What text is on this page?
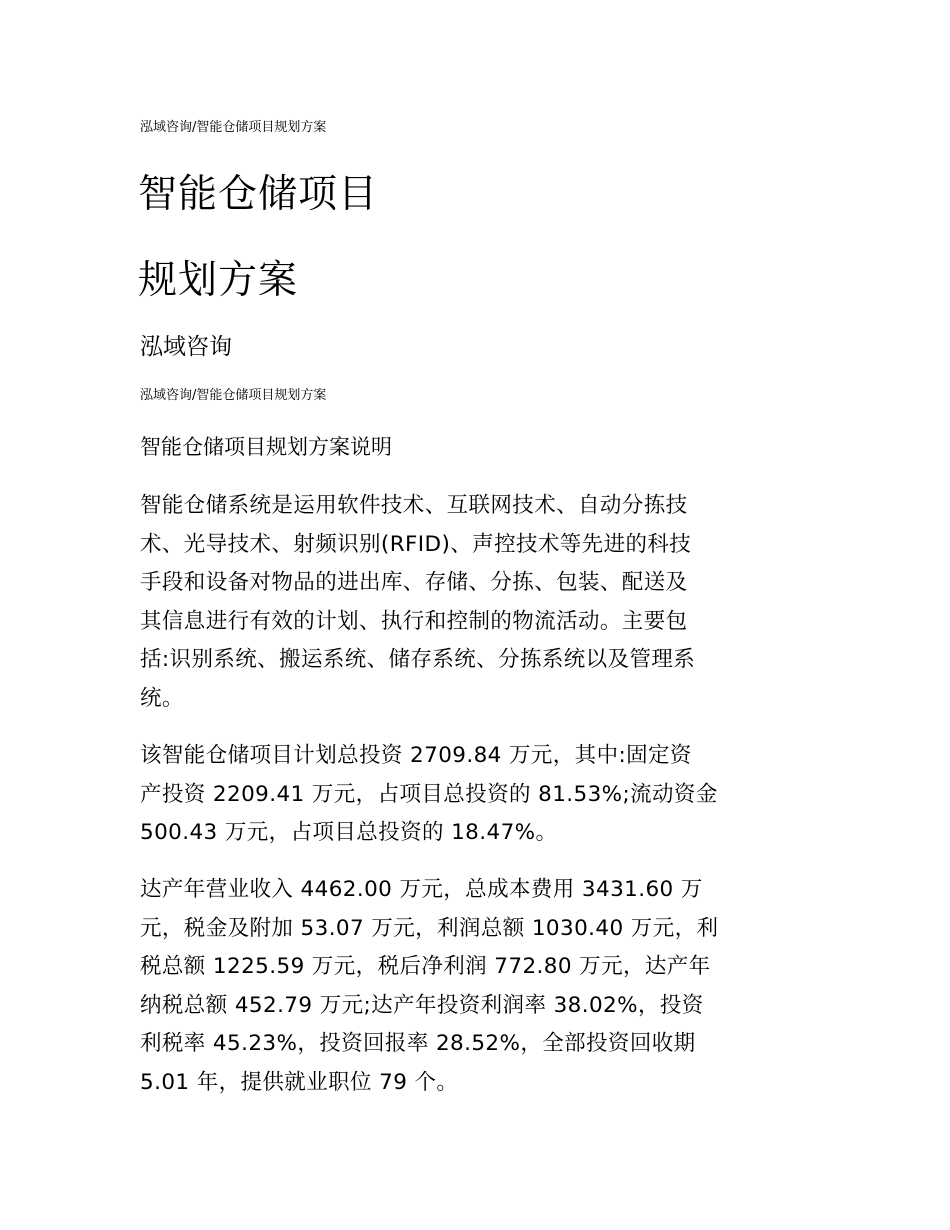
泓域咨询/智能仓储项目规划方案
智能仓储项目
规划方案
泓域咨询
泓域咨询/智能仓储项目规划方案
智能仓储项目规划方案说明
智能仓储系统是运用软件技术、互联网技术、自动分拣技
术、光导技术、射频识别(RFID)、声控技术等先进的科技
手段和设备对物品的进出库、存储、分拣、包装、配送及
其信息进行有效的计划、执行和控制的物流活动。主要包
括:识别系统、搬运系统、储存系统、分拣系统以及管理系
统。
该智能仓储项目计划总投资 2709.84 万元，其中:固定资
产投资 2209.41 万元，占项目总投资的 81.53%;流动资金
500.43 万元，占项目总投资的 18.47%。
达产年营业收入 4462.00 万元，总成本费用 3431.60 万
元，税金及附加 53.07 万元，利润总额 1030.40 万元，利
税总额 1225.59 万元，税后净利润 772.80 万元，达产年
纳税总额 452.79 万元;达产年投资利润率 38.02%，投资
利税率 45.23%，投资回报率 28.52%，全部投资回收期
5.01 年，提供就业职位 79 个。
